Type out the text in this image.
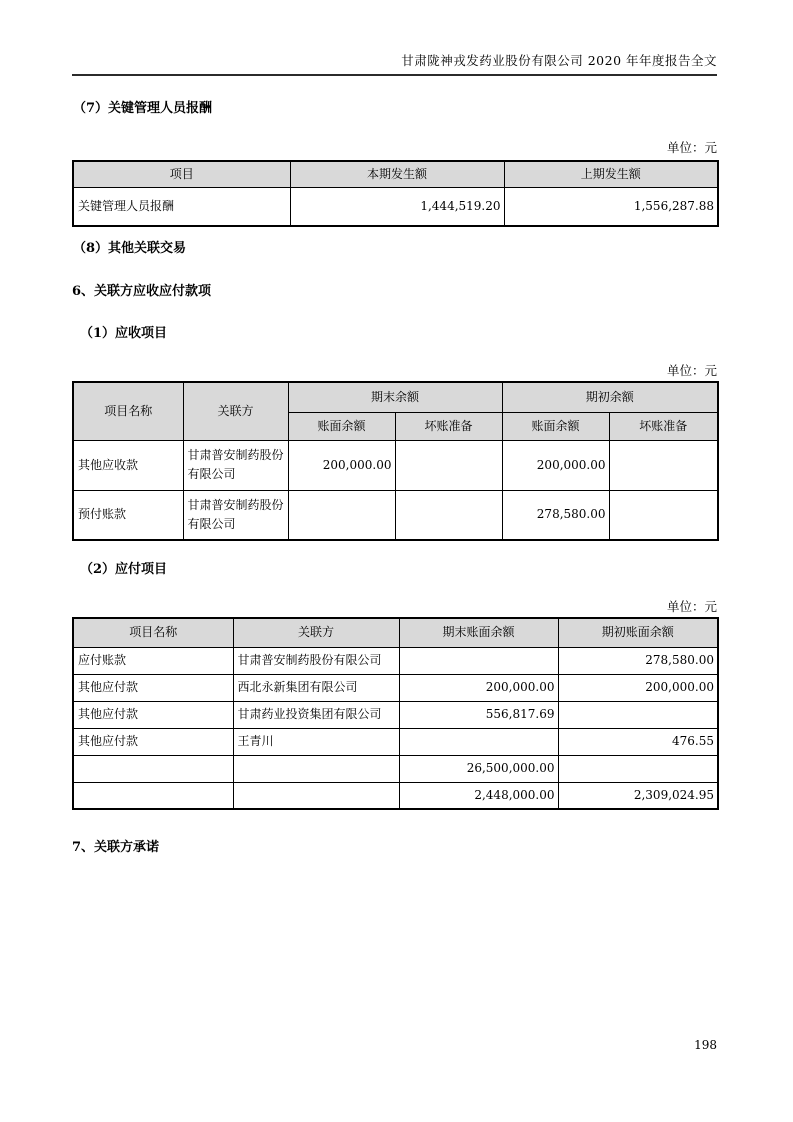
甘肃陇神戎发药业股份有限公司 2020 年年度报告全文
（7）关键管理人员报酬
单位：元
项目	本期发生额	上期发生额
关键管理人员报酬	1,444,519.20	1,556,287.88
（8）其他关联交易
6、关联方应收应付款项
（1）应收项目
单位：元
项目名称	关联方	期末余额		期初余额	
		账面余额	坏账准备	账面余额	坏账准备
其他应收款	甘肃普安制药股份有限公司	200,000.00		200,000.00	
预付账款	甘肃普安制药股份有限公司			278,580.00	
（2）应付项目
单位：元
项目名称	关联方	期末账面余额	期初账面余额
应付账款	甘肃普安制药股份有限公司		278,580.00
其他应付款	西北永新集团有限公司	200,000.00	200,000.00
其他应付款	甘肃药业投资集团有限公司	556,817.69	
其他应付款	王青川		476.55
		26,500,000.00	
		2,448,000.00	2,309,024.95
7、关联方承诺
198
